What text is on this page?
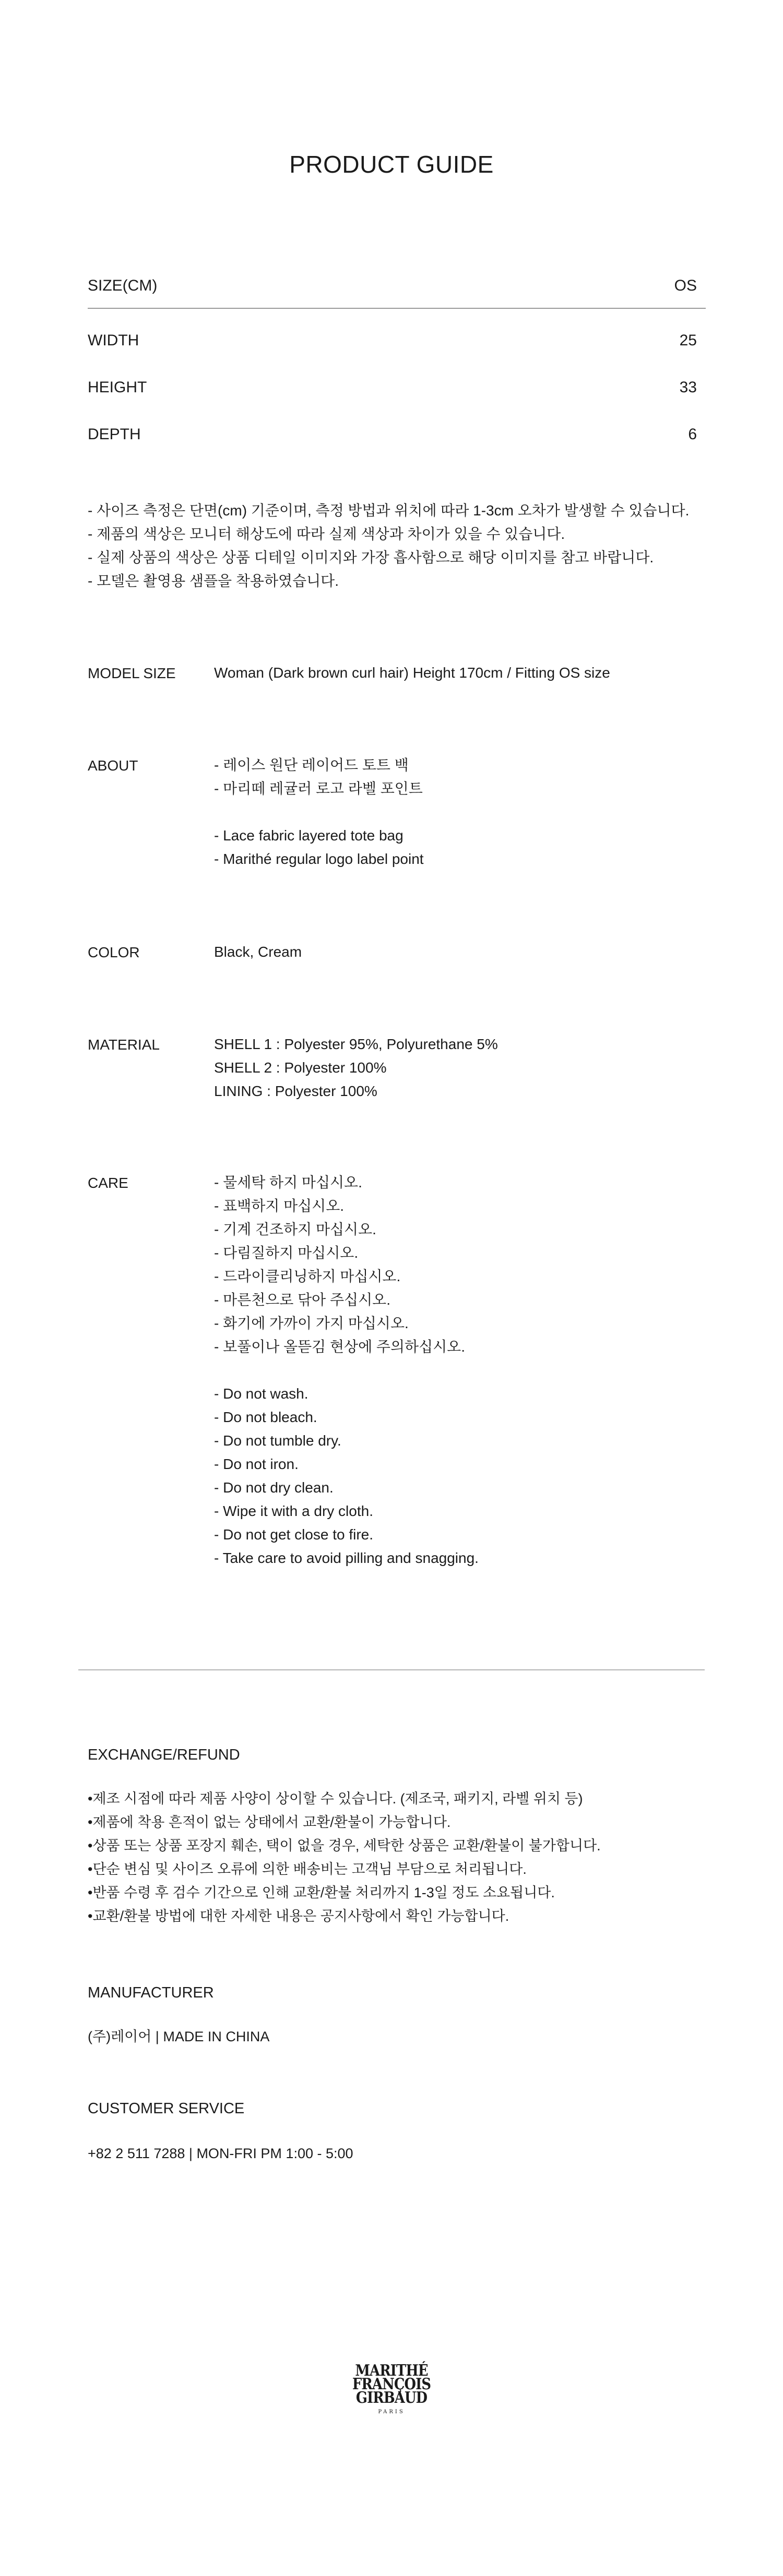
PRODUCT GUIDE
SIZE(CM)	OS
WIDTH	25
HEIGHT	33
DEPTH	6
- 사이즈 측정은 단면(cm) 기준이며, 측정 방법과 위치에 따라 1-3cm 오차가 발생할 수 있습니다.
- 제품의 색상은 모니터 해상도에 따라 실제 색상과 차이가 있을 수 있습니다.
- 실제 상품의 색상은 상품 디테일 이미지와 가장 흡사함으로 해당 이미지를 참고 바랍니다.
- 모델은 촬영용 샘플을 착용하였습니다.
MODEL SIZE	Woman (Dark brown curl hair) Height 170cm / Fitting OS size
ABOUT	- 레이스 원단 레이어드 토트 백
- 마리떼 레귤러 로고 라벨 포인트
- Lace fabric layered tote bag
- Marithé regular logo label point
COLOR	Black, Cream
MATERIAL	SHELL 1 : Polyester 95%, Polyurethane 5%
SHELL 2 : Polyester 100%
LINING : Polyester 100%
CARE	- 물세탁 하지 마십시오.
- 표백하지 마십시오.
- 기계 건조하지 마십시오.
- 다림질하지 마십시오.
- 드라이클리닝하지 마십시오.
- 마른천으로 닦아 주십시오.
- 화기에 가까이 가지 마십시오.
- 보풀이나 올뜯김 현상에 주의하십시오.
- Do not wash.
- Do not bleach.
- Do not tumble dry.
- Do not iron.
- Do not dry clean.
- Wipe it with a dry cloth.
- Do not get close to fire.
- Take care to avoid pilling and snagging.
EXCHANGE/REFUND
•제조 시점에 따라 제품 사양이 상이할 수 있습니다. (제조국, 패키지, 라벨 위치 등)
•제품에 착용 흔적이 없는 상태에서 교환/환불이 가능합니다.
•상품 또는 상품 포장지 훼손, 택이 없을 경우, 세탁한 상품은 교환/환불이 불가합니다.
•단순 변심 및 사이즈 오류에 의한 배송비는 고객님 부담으로 처리됩니다.
•반품 수령 후 검수 기간으로 인해 교환/환불 처리까지 1-3일 정도 소요됩니다.
•교환/환불 방법에 대한 자세한 내용은 공지사항에서 확인 가능합니다.
MANUFACTURER
(주)레이어 | MADE IN CHINA
CUSTOMER SERVICE
+82 2 511 7288 | MON-FRI PM 1:00 - 5:00
MARITHÉ
FRANÇOIS
GIRBAUD
PARIS
